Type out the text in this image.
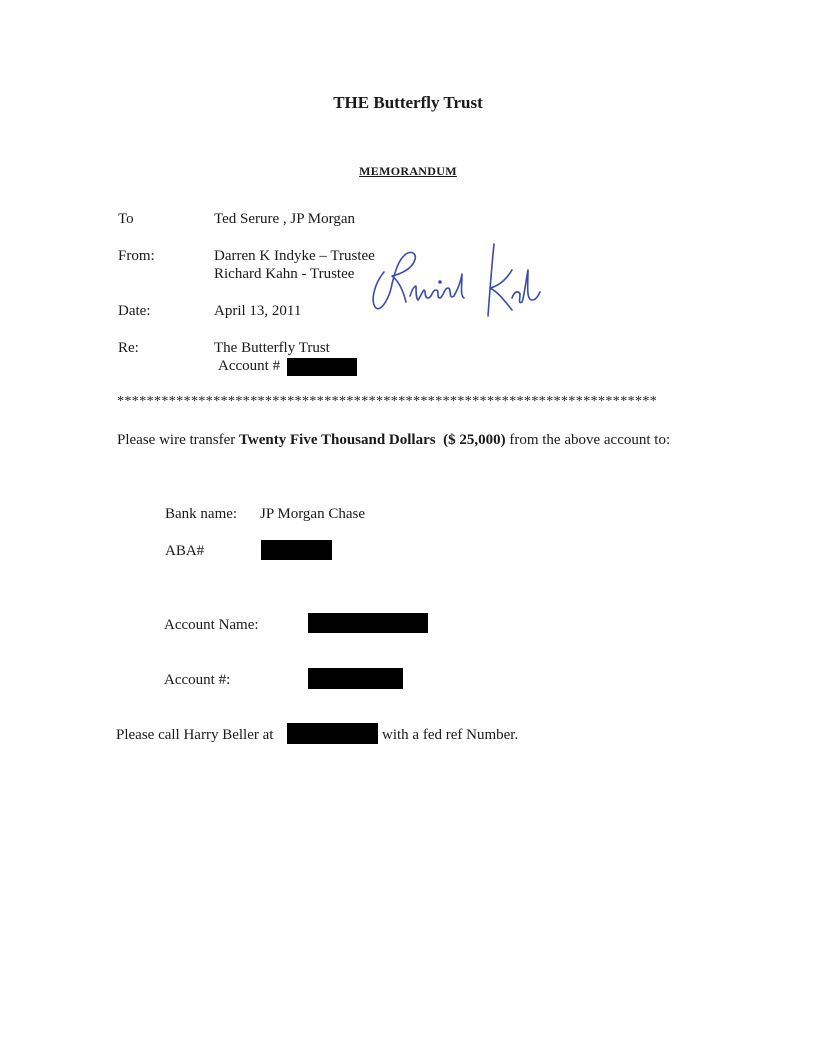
THE Butterfly Trust
MEMORANDUM
To	Ted Serure , JP Morgan
From:	Darren K Indyke – Trustee
Richard Kahn - Trustee
Date:	April 13, 2011
Re:	The Butterfly Trust
Account #
*************************************************************************
Please wire transfer Twenty Five Thousand Dollars ($ 25,000) from the above account to:
Bank name: JP Morgan Chase
ABA#
Account Name:
Account #:
Please call Harry Beller at	with a fed ref Number.
